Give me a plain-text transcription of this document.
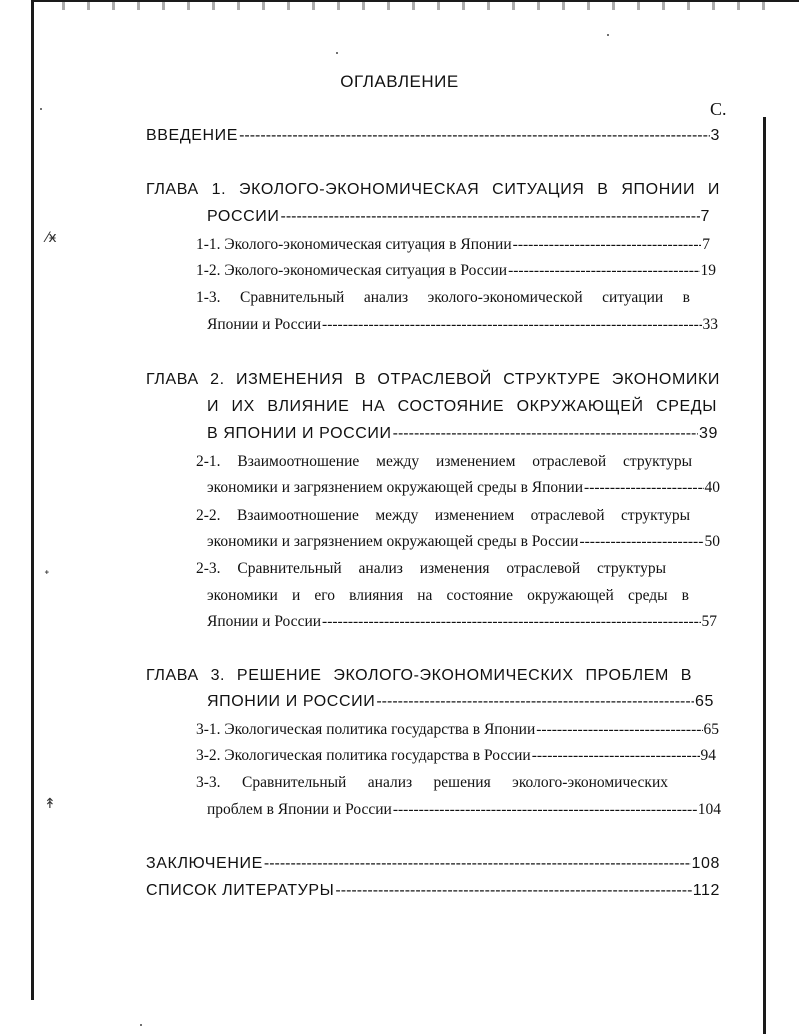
⁄ӿ
ᐩ
↟
ОГЛАВЛЕНИЕ
С.
ВВЕДЕНИЕ -----	3
ГЛАВА 1. ЭКОЛОГО-ЭКОНОМИЧЕСКАЯ СИТУАЦИЯ В ЯПОНИИ И
РОССИИ -----	7
1-1. Эколого-экономическая ситуация в Японии -----	7
1-2. Эколого-экономическая ситуация в России -----	19
1-3. Сравнительный анализ эколого-экономической ситуации в
Японии и России -----	33
ГЛАВА 2. ИЗМЕНЕНИЯ В ОТРАСЛЕВОЙ СТРУКТУРЕ ЭКОНОМИКИ
И ИХ ВЛИЯНИЕ НА СОСТОЯНИЕ ОКРУЖАЮЩЕЙ СРЕДЫ
В ЯПОНИИ И РОССИИ -----	39
2-1. Взаимоотношение между изменением отраслевой структуры
экономики и загрязнением окружающей среды в Японии -----	40
2-2. Взаимоотношение между изменением отраслевой структуры
экономики и загрязнением окружающей среды в России -----	50
2-3. Сравнительный анализ изменения отраслевой структуры
экономики и его влияния на состояние окружающей среды в
Японии и России -----	57
ГЛАВА 3. РЕШЕНИЕ ЭКОЛОГО-ЭКОНОМИЧЕСКИХ ПРОБЛЕМ В
ЯПОНИИ И РОССИИ -----	65
3-1. Экологическая политика государства в Японии -----	65
3-2. Экологическая политика государства в России -----	94
3-3. Сравнительный анализ решения эколого-экономических
проблем в Японии и России -----	104
ЗАКЛЮЧЕНИЕ -----	108
СПИСОК ЛИТЕРАТУРЫ -----	112
